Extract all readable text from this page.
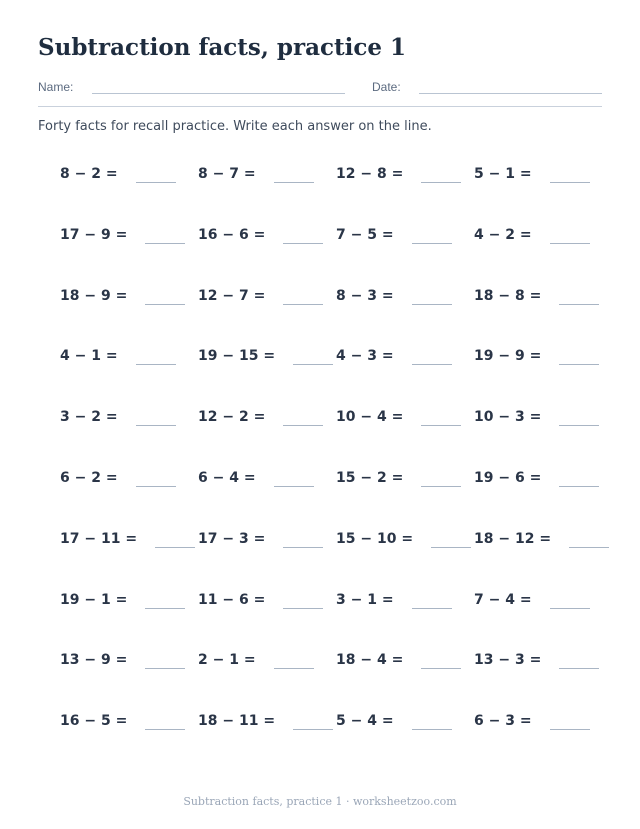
Subtraction facts, practice 1
Name:	Date:
Forty facts for recall practice. Write each answer on the line.
8 − 2 =	8 − 7 =	12 − 8 =	5 − 1 =
17 − 9 =	16 − 6 =	7 − 5 =	4 − 2 =
18 − 9 =	12 − 7 =	8 − 3 =	18 − 8 =
4 − 1 =	19 − 15 =	4 − 3 =	19 − 9 =
3 − 2 =	12 − 2 =	10 − 4 =	10 − 3 =
6 − 2 =	6 − 4 =	15 − 2 =	19 − 6 =
17 − 11 =	17 − 3 =	15 − 10 =	18 − 12 =
19 − 1 =	11 − 6 =	3 − 1 =	7 − 4 =
13 − 9 =	2 − 1 =	18 − 4 =	13 − 3 =
16 − 5 =	18 − 11 =	5 − 4 =	6 − 3 =
Subtraction facts, practice 1 · worksheetzoo.com
